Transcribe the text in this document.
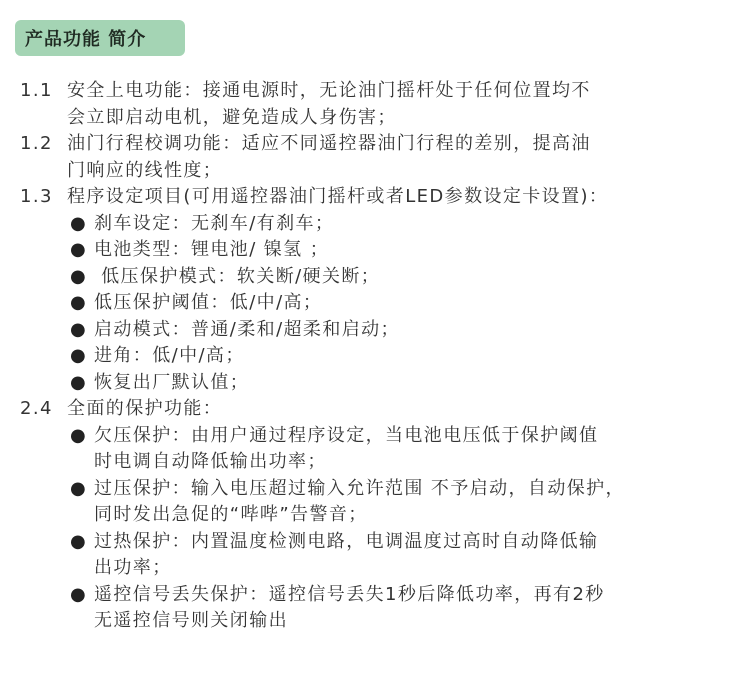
产品功能 简介
1.1 安全上电功能：接通电源时，无论油门摇杆处于任何位置均不
会立即启动电机，避免造成人身伤害；
1.2 油门行程校调功能：适应不同遥控器油门行程的差别，提高油
门响应的线性度；
1.3 程序设定项目(可用遥控器油门摇杆或者LED参数设定卡设置)：
● 刹车设定：无刹车/有刹车；
● 电池类型：锂电池/ 镍氢 ；
● 低压保护模式：软关断/硬关断；
● 低压保护阈值：低/中/高；
● 启动模式：普通/柔和/超柔和启动；
● 进角：低/中/高；
● 恢复出厂默认值；
2.4 全面的保护功能：
● 欠压保护：由用户通过程序设定，当电池电压低于保护阈值
时电调自动降低输出功率；
● 过压保护：输入电压超过输入允许范围 不予启动，自动保护，
同时发出急促的“哔哔”告警音；
● 过热保护：内置温度检测电路，电调温度过高时自动降低输
出功率；
● 遥控信号丢失保护：遥控信号丢失1秒后降低功率，再有2秒
无遥控信号则关闭输出
